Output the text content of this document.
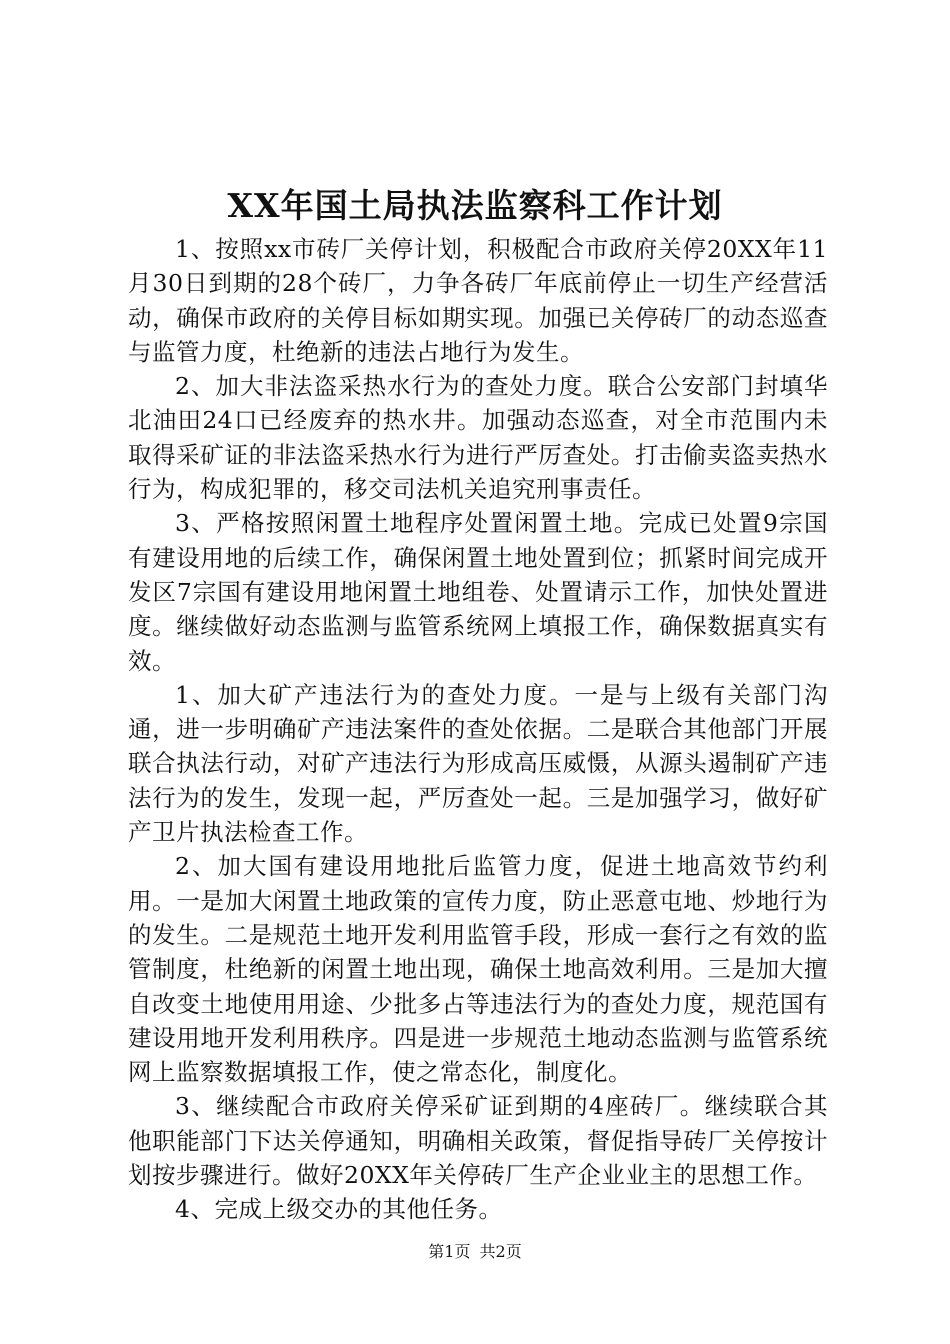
XX年国土局执法监察科工作计划

1、按照xx市砖厂关停计划，积极配合市政府关停20XX年11月30日到期的28个砖厂，力争各砖厂年底前停止一切生产经营活动，确保市政府的关停目标如期实现。加强已关停砖厂的动态巡查与监管力度，杜绝新的违法占地行为发生。

2、加大非法盗采热水行为的查处力度。联合公安部门封填华北油田24口已经废弃的热水井。加强动态巡查，对全市范围内未取得采矿证的非法盗采热水行为进行严厉查处。打击偷卖盗卖热水行为，构成犯罪的，移交司法机关追究刑事责任。

3、严格按照闲置土地程序处置闲置土地。完成已处置9宗国有建设用地的后续工作，确保闲置土地处置到位；抓紧时间完成开发区7宗国有建设用地闲置土地组卷、处置请示工作，加快处置进度。继续做好动态监测与监管系统网上填报工作，确保数据真实有效。

1、加大矿产违法行为的查处力度。一是与上级有关部门沟通，进一步明确矿产违法案件的查处依据。二是联合其他部门开展联合执法行动，对矿产违法行为形成高压威慑，从源头遏制矿产违法行为的发生，发现一起，严厉查处一起。三是加强学习，做好矿产卫片执法检查工作。

2、加大国有建设用地批后监管力度，促进土地高效节约利用。一是加大闲置土地政策的宣传力度，防止恶意屯地、炒地行为的发生。二是规范土地开发利用监管手段，形成一套行之有效的监管制度，杜绝新的闲置土地出现，确保土地高效利用。三是加大擅自改变土地使用用途、少批多占等违法行为的查处力度，规范国有建设用地开发利用秩序。四是进一步规范土地动态监测与监管系统网上监察数据填报工作，使之常态化，制度化。

3、继续配合市政府关停采矿证到期的4座砖厂。继续联合其他职能部门下达关停通知，明确相关政策，督促指导砖厂关停按计划按步骤进行。做好20XX年关停砖厂生产企业业主的思想工作。

4、完成上级交办的其他任务。

第1页 共2页
